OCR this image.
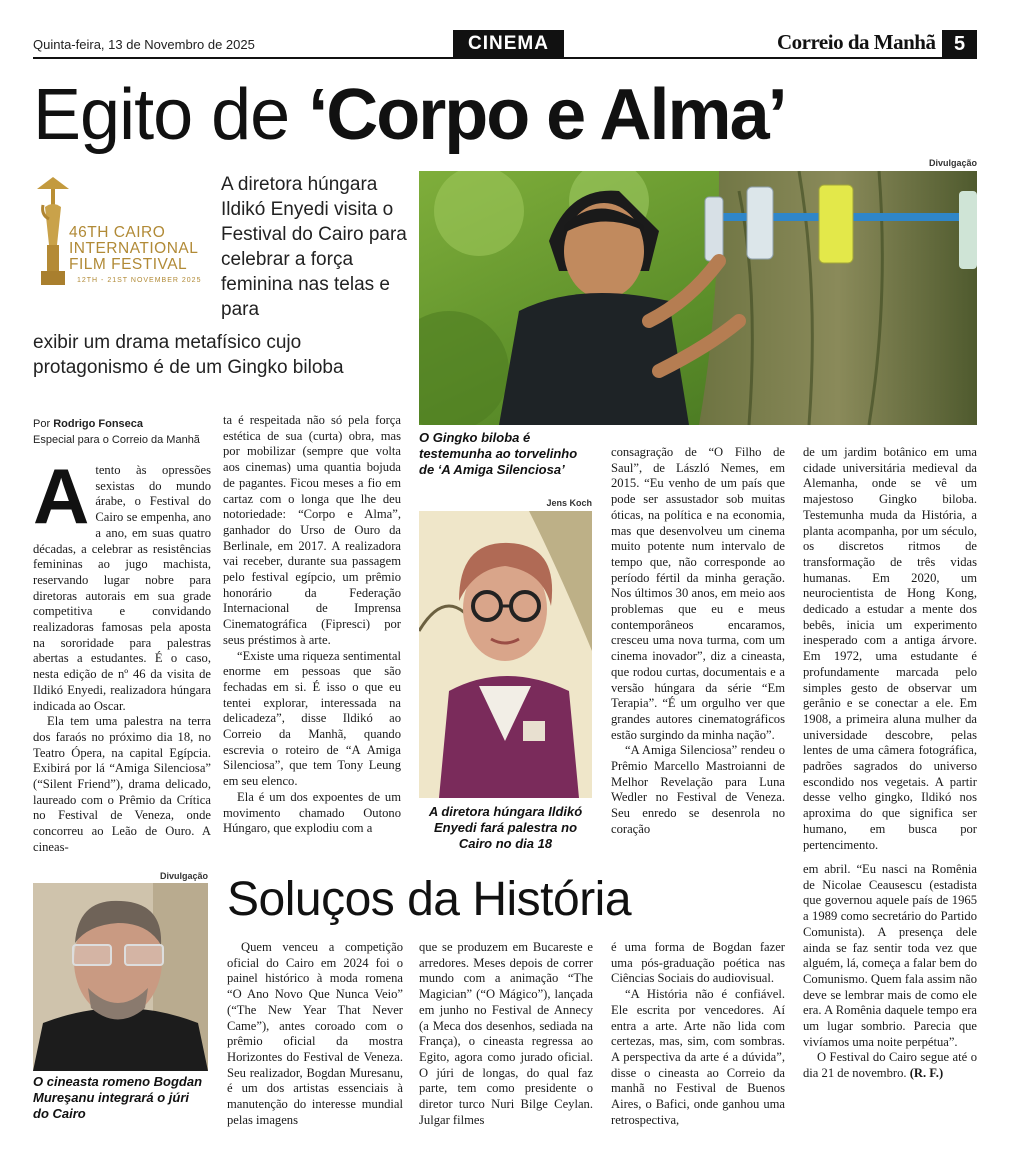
Quinta-feira, 13 de Novembro de 2025	CINEMA	Correio da Manhã 5
Egito de ‘Corpo e Alma’
46TH CAIRO
INTERNATIONAL
FILM FESTIVAL
12TH - 21ST NOVEMBER 2025
A diretora húngara Ildikó Enyedi visita o Festival do Cairo para celebrar a força feminina nas telas e para
exibir um drama metafísico cujo protagonismo é de um Gingko biloba
Divulgação
O Gingko biloba é testemunha ao torvelinho de ‘A Amiga Silenciosa’
Jens Koch
A diretora húngara Ildikó Enyedi fará palestra no Cairo no dia 18
Por Rodrigo Fonseca
Especial para o Correio da Manhã

Atento às opressões sexistas do mundo árabe, o Festival do Cairo se empenha, ano a ano, em suas quatro décadas, a celebrar as resistências femininas ao jugo machista, reservando lugar nobre para diretoras autorais em sua grade competitiva e convidando realizadoras famosas pela aposta na sororidade para palestras abertas a estudantes. É o caso, nesta edição de nº 46 da visita de Ildikó Enyedi, realizadora húngara indicada ao Oscar.

Ela tem uma palestra na terra dos faraós no próximo dia 18, no Teatro Ópera, na capital Egípcia. Exibirá por lá “Amiga Silenciosa” (“Silent Friend”), drama delicado, laureado com o Prêmio da Crítica no Festival de Veneza, onde concorreu ao Leão de Ouro. A cineas-

ta é respeitada não só pela força estética de sua (curta) obra, mas por mobilizar (sempre que volta aos cinemas) uma quantia bojuda de pagantes. Ficou meses a fio em cartaz com o longa que lhe deu notoriedade: “Corpo e Alma”, ganhador do Urso de Ouro da Berlinale, em 2017. A realizadora vai receber, durante sua passagem pelo festival egípcio, um prêmio honorário da Federação Internacional de Imprensa Cinematográfica (Fipresci) por seus préstimos à arte.

“Existe uma riqueza sentimental enorme em pessoas que são fechadas em si. É isso o que eu tentei explorar, interessada na delicadeza”, disse Ildikó ao Correio da Manhã, quando escrevia o roteiro de “A Amiga Silenciosa”, que tem Tony Leung em seu elenco.

Ela é um dos expoentes de um movimento chamado Outono Húngaro, que explodiu com a

consagração de “O Filho de Saul”, de László Nemes, em 2015. “Eu venho de um país que pode ser assustador sob muitas óticas, na política e na economia, mas que desenvolveu um cinema muito potente num intervalo de tempo que, não corresponde ao período fértil da minha geração. Nos últimos 30 anos, em meio aos problemas que eu e meus contemporâneos encaramos, cresceu uma nova turma, com um cinema inovador”, diz a cineasta, que rodou curtas, documentais e a versão húngara da série “Em Terapia”. “É um orgulho ver que grandes autores cinematográficos estão surgindo da minha nação”.

“A Amiga Silenciosa” rendeu o Prêmio Marcello Mastroianni de Melhor Revelação para Luna Wedler no Festival de Veneza. Seu enredo se desenrola no coração

de um jardim botânico em uma cidade universitária medieval da Alemanha, onde se vê um majestoso Gingko biloba. Testemunha muda da História, a planta acompanha, por um século, os discretos ritmos de transformação de três vidas humanas. Em 2020, um neurocientista de Hong Kong, dedicado a estudar a mente dos bebês, inicia um experimento inesperado com a antiga árvore. Em 1972, uma estudante é profundamente marcada pelo simples gesto de observar um gerânio e se conectar a ele. Em 1908, a primeira aluna mulher da universidade descobre, pelas lentes de uma câmera fotográfica, padrões sagrados do universo escondido nos vegetais. A partir desse velho gingko, Ildikó nos aproxima do que significa ser humano, em busca por pertencimento.

Divulgação
O cineasta romeno Bogdan Mureşanu integrará o júri do Cairo
Soluços da História

Quem venceu a competição oficial do Cairo em 2024 foi o painel histórico à moda romena “O Ano Novo Que Nunca Veio” (“The New Year That Never Came”), antes coroado com o prêmio oficial da mostra Horizontes do Festival de Veneza. Seu realizador, Bogdan Muresanu, é um dos artistas essenciais à manutenção do interesse mundial pelas imagens

que se produzem em Bucareste e arredores. Meses depois de correr mundo com a animação “The Magician” (“O Mágico”), lançada em junho no Festival de Annecy (a Meca dos desenhos, sediada na França), o cineasta regressa ao Egito, agora como jurado oficial. O júri de longas, do qual faz parte, tem como presidente o diretor turco Nuri Bilge Ceylan. Julgar filmes

é uma forma de Bogdan fazer uma pós-graduação poética nas Ciências Sociais do audiovisual.

“A História não é confiável. Ele escrita por vencedores. Aí entra a arte. Arte não lida com certezas, mas, sim, com sombras. A perspectiva da arte é a dúvida”, disse o cineasta ao Correio da manhã no Festival de Buenos Aires, o Bafici, onde ganhou uma retrospectiva,

em abril. “Eu nasci na Romênia de Nicolae Ceausescu (estadista que governou aquele país de 1965 a 1989 como secretário do Partido Comunista). A presença dele ainda se faz sentir toda vez que alguém, lá, começa a falar bem do Comunismo. Quem fala assim não deve se lembrar mais de como ele era. A Romênia daquele tempo era um lugar sombrio. Parecia que vivíamos uma noite perpétua”.

O Festival do Cairo segue até o dia 21 de novembro. (R. F.)
